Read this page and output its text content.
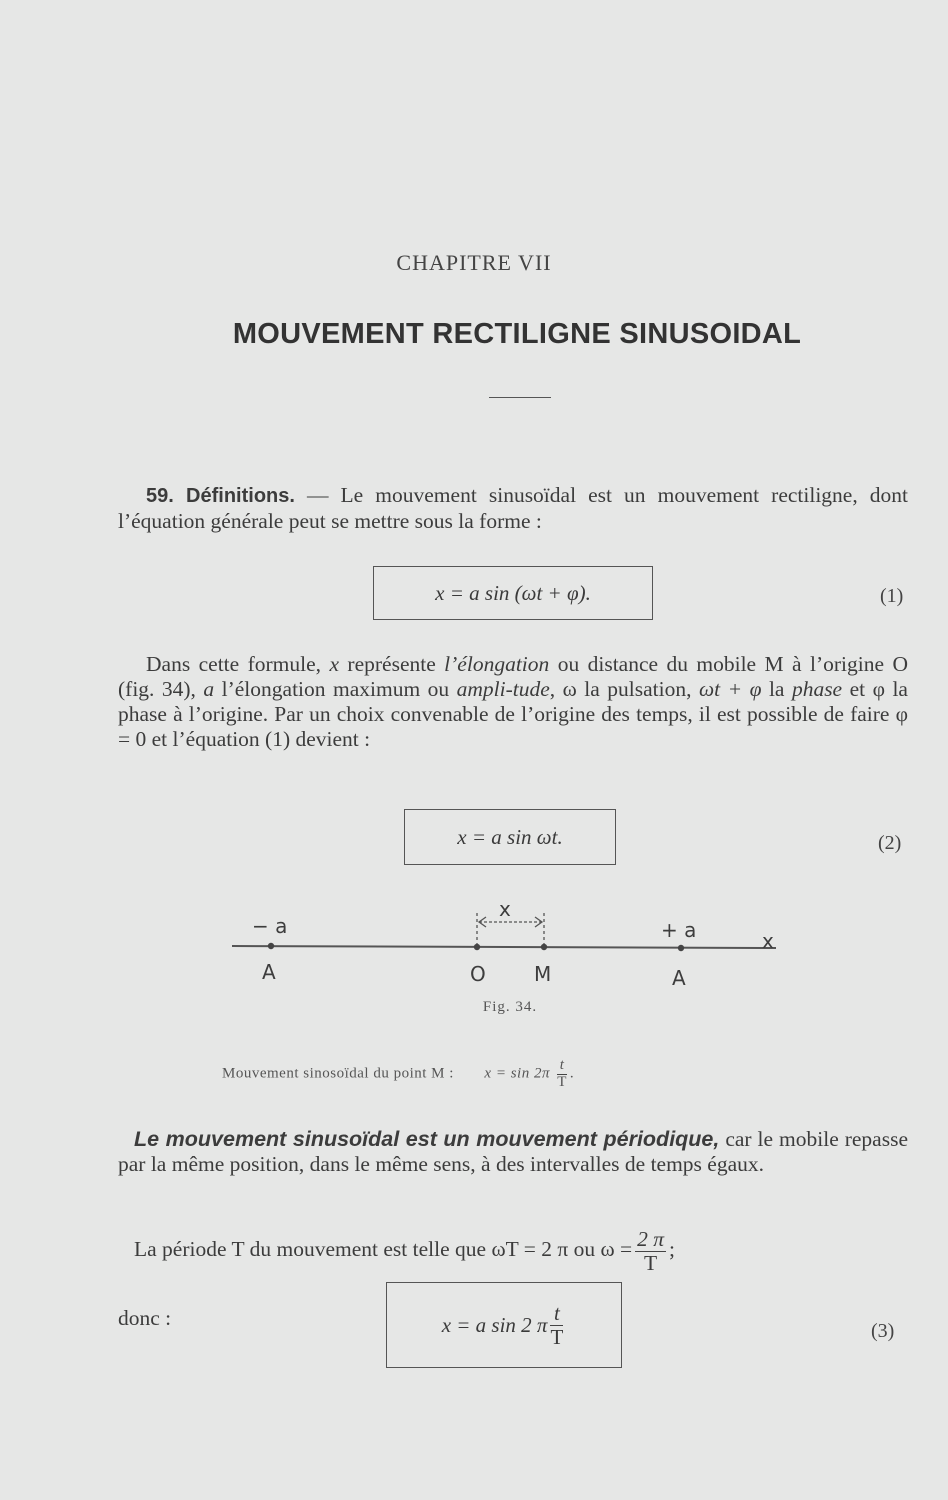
CHAPITRE VII
MOUVEMENT RECTILIGNE SINUSOIDAL
59. Définitions. — Le mouvement sinusoïdal est un mouvement rectiligne, dont l’équation générale peut se mettre sous la forme :
x = a sin (ωt + φ).	(1)
Dans cette formule, x représente l’élongation ou distance du mobile M à l’origine O (fig. 34), a l’élongation maximum ou ampli-tude, ω la pulsation, ωt + φ la phase et φ la phase à l’origine. Par un choix convenable de l’origine des temps, il est possible de faire φ = 0 et l’équation (1) devient :
x = a sin ωt.	(2)
− a	+ a
x
x
A	O M	A
Fig. 34.
Mouvement sinosoïdal du point M : $x = \sin 2\pi \frac{t}{T}$ .
Le mouvement sinusoïdal est un mouvement périodique, car le mobile repasse par la même position, dans le même sens, à des intervalles de temps égaux.
La période T du mouvement est telle que ωT = 2 π ou $\omega = \frac{2 \pi}{T}$ ;
donc :	x = a sin 2 π $\frac{t}{T}$	(3)
